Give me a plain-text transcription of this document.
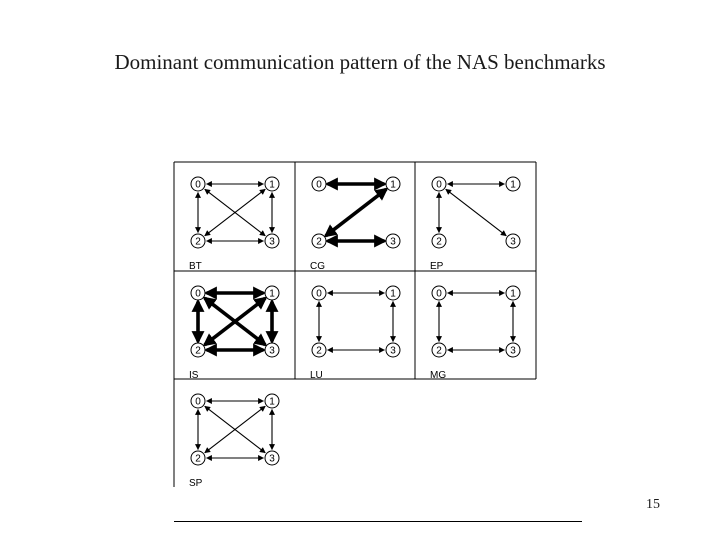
Dominant communication pattern of the NAS benchmarks
0	1
2	3
BT
0	1
2	3
CG
0	1
2	3
EP
0	1
2	3
IS
0	1
2	3
LU
0	1
2	3
MG
0	1
2	3
SP
15
